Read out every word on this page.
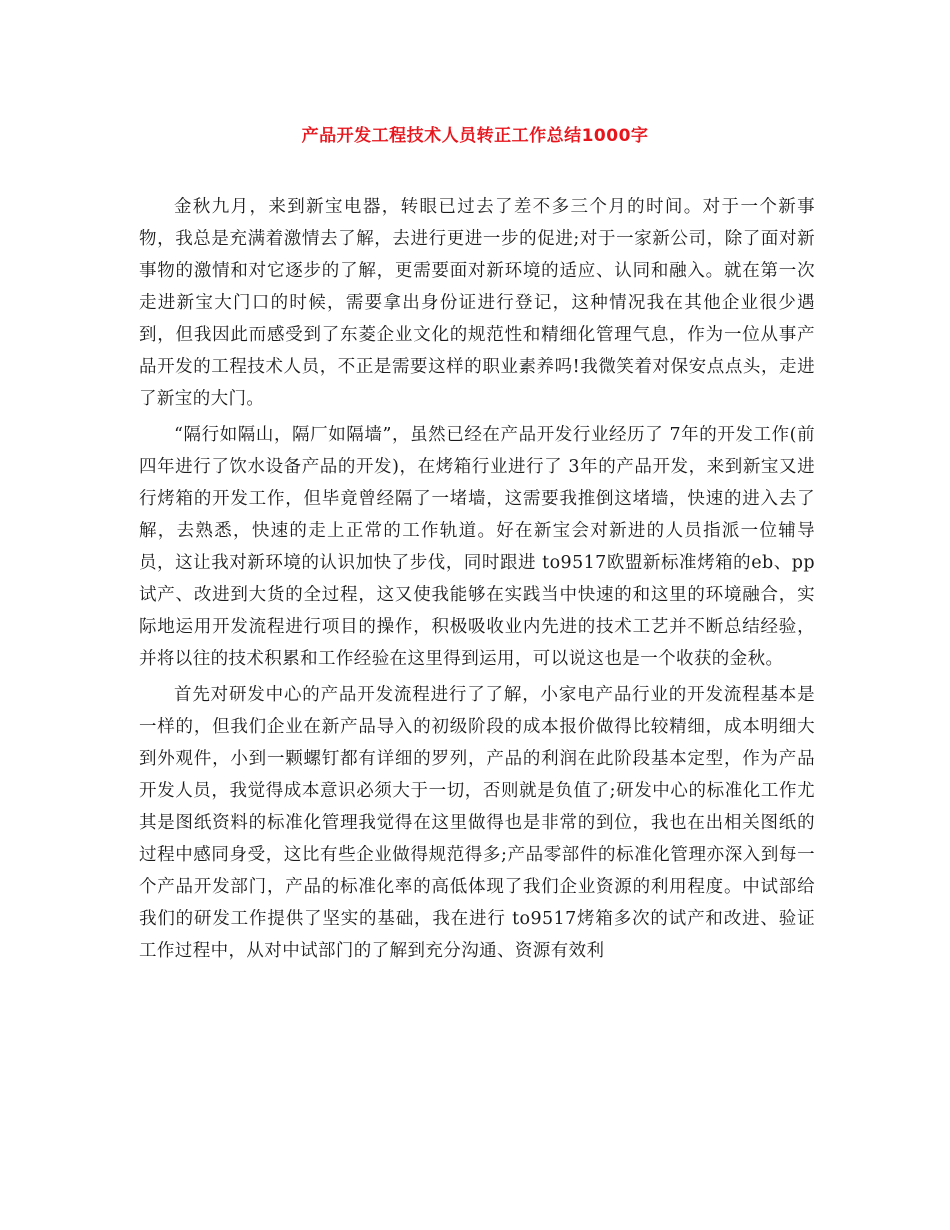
产品开发工程技术人员转正工作总结1000字

金秋九月，来到新宝电器，转眼已过去了差不多三个月的时间。对于一个新事物，我总是充满着激情去了解，去进行更进一步的促进;对于一家新公司，除了面对新事物的激情和对它逐步的了解，更需要面对新环境的适应、认同和融入。就在第一次走进新宝大门口的时候，需要拿出身份证进行登记，这种情况我在其他企业很少遇到，但我因此而感受到了东菱企业文化的规范性和精细化管理气息，作为一位从事产品开发的工程技术人员，不正是需要这样的职业素养吗!我微笑着对保安点点头，走进了新宝的大门。

“隔行如隔山，隔厂如隔墙”，虽然已经在产品开发行业经历了 7年的开发工作(前四年进行了饮水设备产品的开发)，在烤箱行业进行了 3年的产品开发，来到新宝又进行烤箱的开发工作，但毕竟曾经隔了一堵墙，这需要我推倒这堵墙，快速的进入去了解，去熟悉，快速的走上正常的工作轨道。好在新宝会对新进的人员指派一位辅导员，这让我对新环境的认识加快了步伐，同时跟进 to9517欧盟新标准烤箱的eb、pp试产、改进到大货的全过程，这又使我能够在实践当中快速的和这里的环境融合，实际地运用开发流程进行项目的操作，积极吸收业内先进的技术工艺并不断总结经验，并将以往的技术积累和工作经验在这里得到运用，可以说这也是一个收获的金秋。

首先对研发中心的产品开发流程进行了了解，小家电产品行业的开发流程基本是一样的，但我们企业在新产品导入的初级阶段的成本报价做得比较精细，成本明细大到外观件，小到一颗螺钉都有详细的罗列，产品的利润在此阶段基本定型，作为产品开发人员，我觉得成本意识必须大于一切，否则就是负值了;研发中心的标准化工作尤其是图纸资料的标准化管理我觉得在这里做得也是非常的到位，我也在出相关图纸的过程中感同身受，这比有些企业做得规范得多;产品零部件的标准化管理亦深入到每一个产品开发部门，产品的标准化率的高低体现了我们企业资源的利用程度。中试部给我们的研发工作提供了坚实的基础，我在进行 to9517烤箱多次的试产和改进、验证工作过程中，从对中试部门的了解到充分沟通、资源有效利
